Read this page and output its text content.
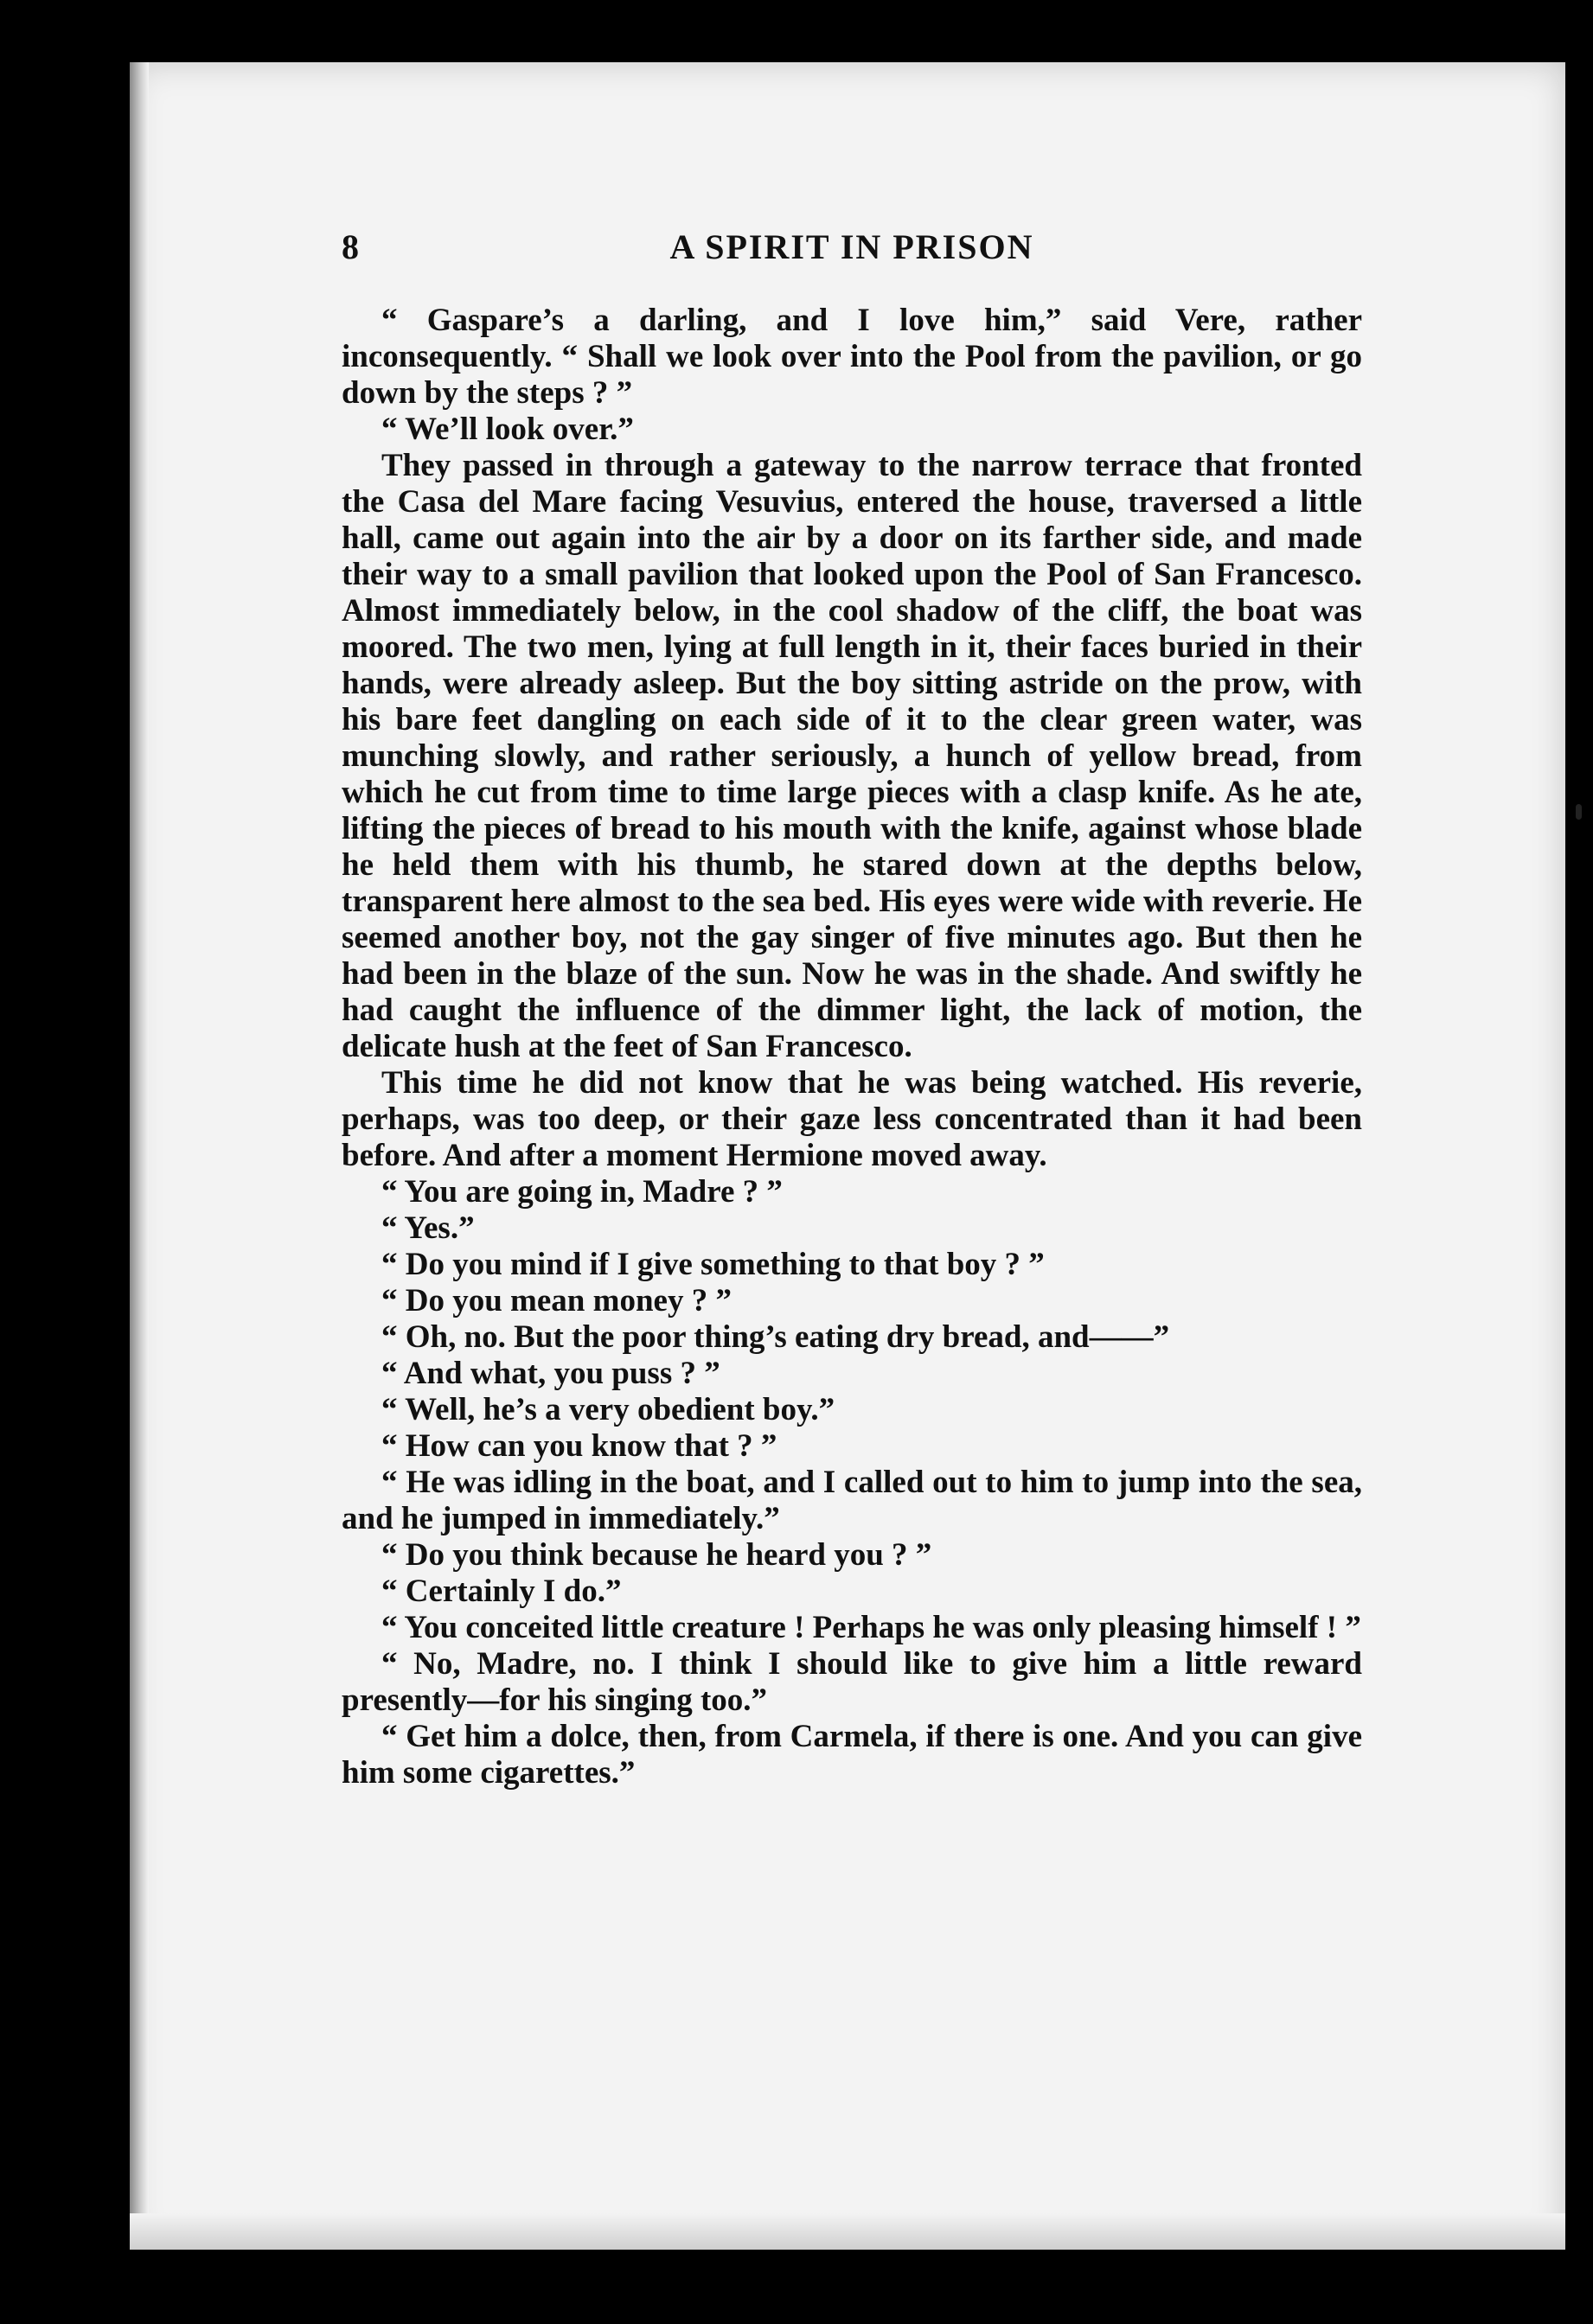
8	A SPIRIT IN PRISON

“ Gaspare’s a darling, and I love him,” said Vere, rather inconsequently. “ Shall we look over into the Pool from the pavilion, or go down by the steps ? ”

“ We’ll look over.”

They passed in through a gateway to the narrow terrace that fronted the Casa del Mare facing Vesuvius, entered the house, traversed a little hall, came out again into the air by a door on its farther side, and made their way to a small pavilion that looked upon the Pool of San Francesco. Almost immediately below, in the cool shadow of the cliff, the boat was moored. The two men, lying at full length in it, their faces buried in their hands, were already asleep. But the boy sitting astride on the prow, with his bare feet dangling on each side of it to the clear green water, was munching slowly, and rather seriously, a hunch of yellow bread, from which he cut from time to time large pieces with a clasp knife. As he ate, lifting the pieces of bread to his mouth with the knife, against whose blade he held them with his thumb, he stared down at the depths below, transparent here almost to the sea bed. His eyes were wide with reverie. He seemed another boy, not the gay singer of five minutes ago. But then he had been in the blaze of the sun. Now he was in the shade. And swiftly he had caught the influence of the dimmer light, the lack of motion, the delicate hush at the feet of San Francesco.

This time he did not know that he was being watched. His reverie, perhaps, was too deep, or their gaze less concentrated than it had been before. And after a moment Hermione moved away.

“ You are going in, Madre ? ”

“ Yes.”

“ Do you mind if I give something to that boy ? ”

“ Do you mean money ? ”

“ Oh, no. But the poor thing’s eating dry bread, and——”

“ And what, you puss ? ”

“ Well, he’s a very obedient boy.”

“ How can you know that ? ”

“ He was idling in the boat, and I called out to him to jump into the sea, and he jumped in immediately.”

“ Do you think because he heard you ? ”

“ Certainly I do.”

“ You conceited little creature ! Perhaps he was only pleasing himself ! ”

“ No, Madre, no. I think I should like to give him a little reward presently—for his singing too.”

“ Get him a dolce, then, from Carmela, if there is one. And you can give him some cigarettes.”
